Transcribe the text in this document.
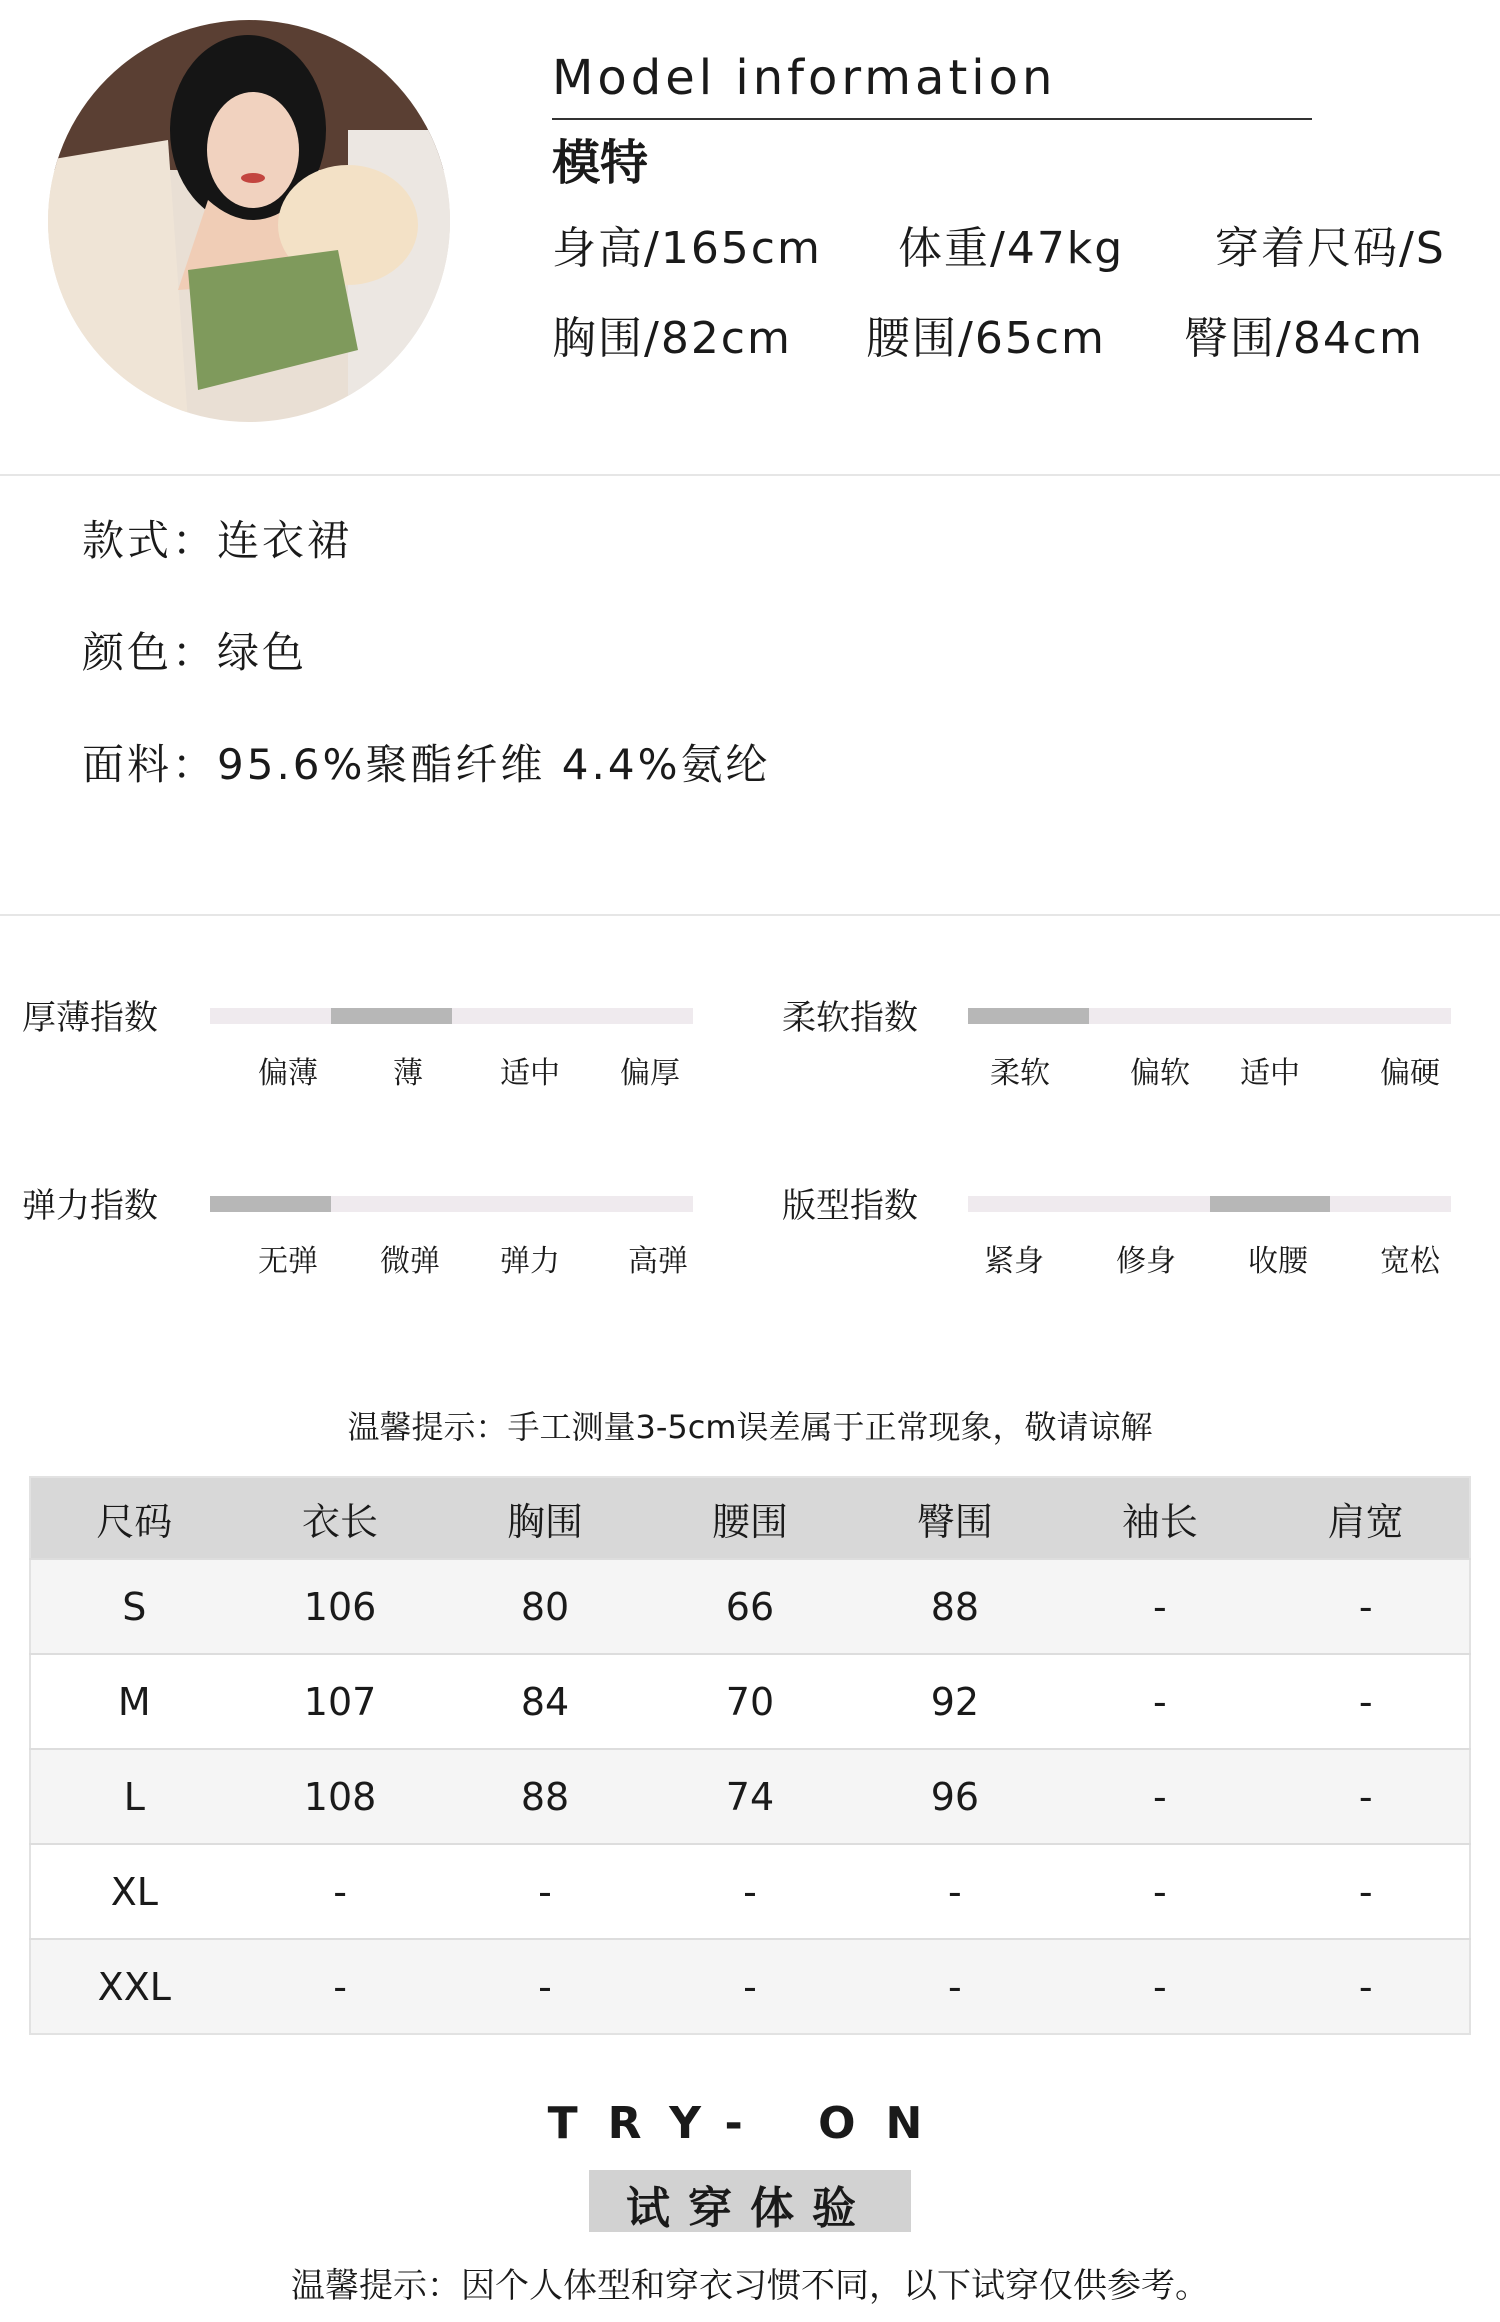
Model information
模特
身高/165cm 体重/47kg 穿着尺码/S
胸围/82cm 腰围/65cm 臀围/84cm
款式：连衣裙
颜色：绿色
面料：95.6%聚酯纤维 4.4%氨纶
厚薄指数
偏薄	薄	适中	偏厚
柔软指数
柔软	偏软	适中	偏硬
弹力指数
无弹	微弹	弹力	高弹
版型指数
紧身	修身	收腰	宽松
温馨提示：手工测量3-5cm误差属于正常现象，敬请谅解
尺码	衣长	胸围	腰围	臀围	袖长	肩宽
S	106	80	66	88	-	-
M	107	84	70	92	-	-
L	108	88	74	96	-	-
XL	-	-	-	-	-	-
XXL	-	-	-	-	-	-
TRY- ON
试穿体验
温馨提示：因个人体型和穿衣习惯不同，以下试穿仅供参考。
